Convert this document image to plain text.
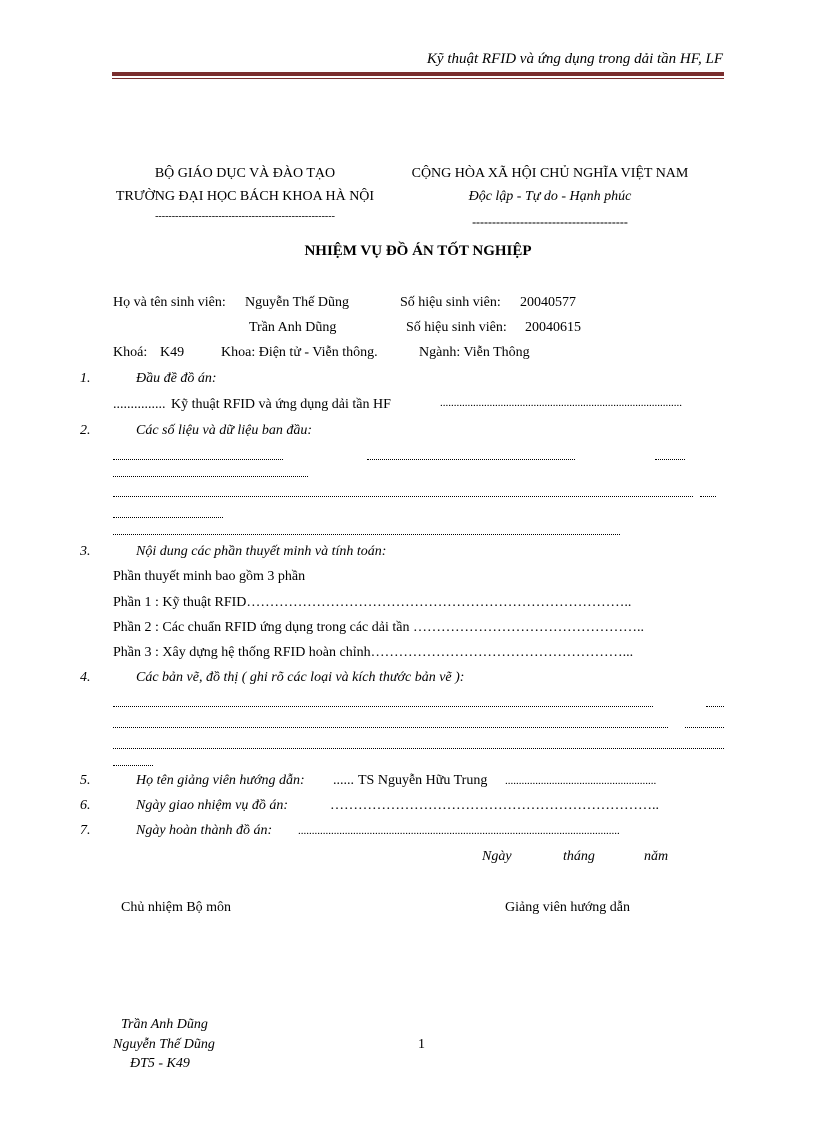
Kỹ thuật RFID và ứng dụng trong dải tần HF, LF
BỘ GIÁO DỤC VÀ ĐÀO TẠO
TRƯỜNG ĐẠI HỌC BÁCH KHOA HÀ NỘI
------------------------------------------------------
CỘNG HÒA XÃ HỘI CHỦ NGHĨA VIỆT NAM
Độc lập - Tự do - Hạnh phúc
---------------------------------------
NHIỆM VỤ ĐỒ ÁN TỐT NGHIỆP
Họ và tên sinh viên: Nguyễn Thế Dũng	Số hiệu sinh viên: 20040577
Trần Anh Dũng	Số hiệu sinh viên: 20040615
Khoá: K49	Khoa: Điện tử - Viễn thông.	Ngành: Viễn Thông
1.	Đầu đề đồ án:
............... Kỹ thuật RFID và ứng dụng dải tần HF	........................................................................................
2.	Các số liệu và dữ liệu ban đầu:
3.	Nội dung các phần thuyết minh và tính toán:
Phần thuyết minh bao gồm 3 phần
Phần 1 : Kỹ thuật RFID………………………………………………………………………..
Phần 2 : Các chuẩn RFID ứng dụng trong các dải tần …………………………………………..
Phần 3 : Xây dựng hệ thống RFID hoàn chỉnh………………………………………………...
4.	Các bản vẽ, đồ thị ( ghi rõ các loại và kích thước bản vẽ ):
5.	Họ tên giảng viên hướng dẫn: ...... TS Nguyễn Hữu Trung .......................................................
6.	Ngày giao nhiệm vụ đồ án:	……………………………………………………………..
7.	Ngày hoàn thành đồ án: .....................................................................................................................
Ngày	tháng	năm
Chủ nhiệm Bộ môn	Giảng viên hướng dẫn
Trần Anh Dũng
Nguyễn Thế Dũng
ĐT5 - K49
1
